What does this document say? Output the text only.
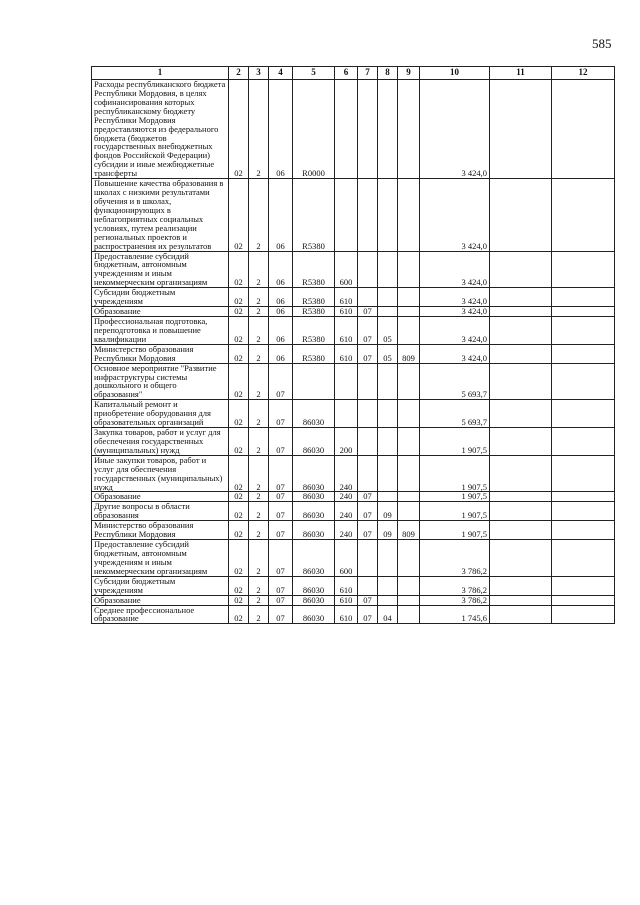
585
1	2	3	4	5	6	7	8	9	10	11	12
Расходы республиканского бюджета Республики Мордовия, в целях софинансирования которых республиканскому бюджету Республики Мордовия предоставляются из федерального бюджета (бюджетов государственных внебюджетных фондов Российской Федерации) субсидии и иные межбюджетные трансферты	02	2	06	R0000					3 424,0		
Повышение качества образования в школах с низкими результатами обучения и в школах, функционирующих в неблагоприятных социальных условиях, путем реализации региональных проектов и распространения их результатов	02	2	06	R5380					3 424,0		
Предоставление субсидий бюджетным, автономным учреждениям и иным некоммерческим организациям	02	2	06	R5380	600				3 424,0		
Субсидии бюджетным учреждениям	02	2	06	R5380	610				3 424,0		
Образование	02	2	06	R5380	610	07			3 424,0		
Профессиональная подготовка, переподготовка и повышение квалификации	02	2	06	R5380	610	07	05		3 424,0		
Министерство образования Республики Мордовия	02	2	06	R5380	610	07	05	809	3 424,0		
Основное мероприятие "Развитие инфраструктуры системы дошкольного и общего образования"	02	2	07						5 693,7		
Капитальный ремонт и приобретение оборудования для образовательных организаций	02	2	07	86030					5 693,7		
Закупка товаров, работ и услуг для обеспечения государственных (муниципальных) нужд	02	2	07	86030	200				1 907,5		
Иные закупки товаров, работ и услуг для обеспечения государственных (муниципальных) нужд	02	2	07	86030	240				1 907,5		
Образование	02	2	07	86030	240	07			1 907,5		
Другие вопросы в области образования	02	2	07	86030	240	07	09		1 907,5		
Министерство образования Республики Мордовия	02	2	07	86030	240	07	09	809	1 907,5		
Предоставление субсидий бюджетным, автономным учреждениям и иным некоммерческим организациям	02	2	07	86030	600				3 786,2		
Субсидии бюджетным учреждениям	02	2	07	86030	610				3 786,2		
Образование	02	2	07	86030	610	07			3 786,2		
Среднее профессиональное образование	02	2	07	86030	610	07	04		1 745,6		
